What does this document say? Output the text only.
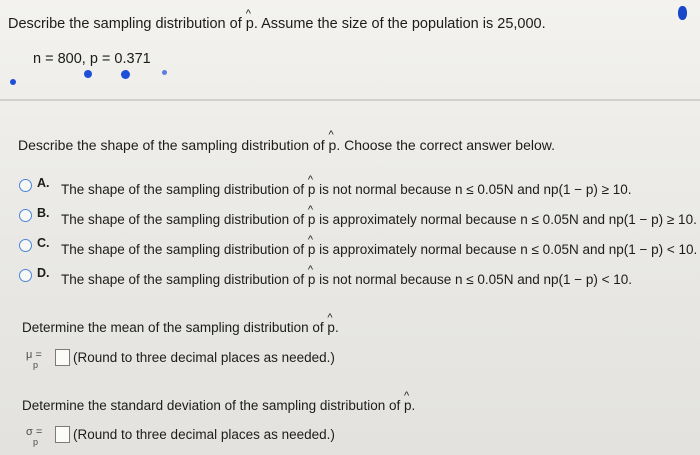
Describe the sampling distribution of ^ p. Assume the size of the population is 25,000.
n = 800, p = 0.371
Describe the shape of the sampling distribution of ^ p. Choose the correct answer below.
A. The shape of the sampling distribution of ^ p is not normal because n ≤ 0.05N and np(1 − p) ≥ 10.
B. The shape of the sampling distribution of ^ p is approximately normal because n ≤ 0.05N and np(1 − p) ≥ 10.
C. The shape of the sampling distribution of ^ p is approximately normal because n ≤ 0.05N and np(1 − p) < 10.
D. The shape of the sampling distribution of ^ p is not normal because n ≤ 0.05N and np(1 − p) < 10.
Determine the mean of the sampling distribution of ^ p.
μ =
p	(Round to three decimal places as needed.)
Determine the standard deviation of the sampling distribution of ^ p.
σ =
p	(Round to three decimal places as needed.)
